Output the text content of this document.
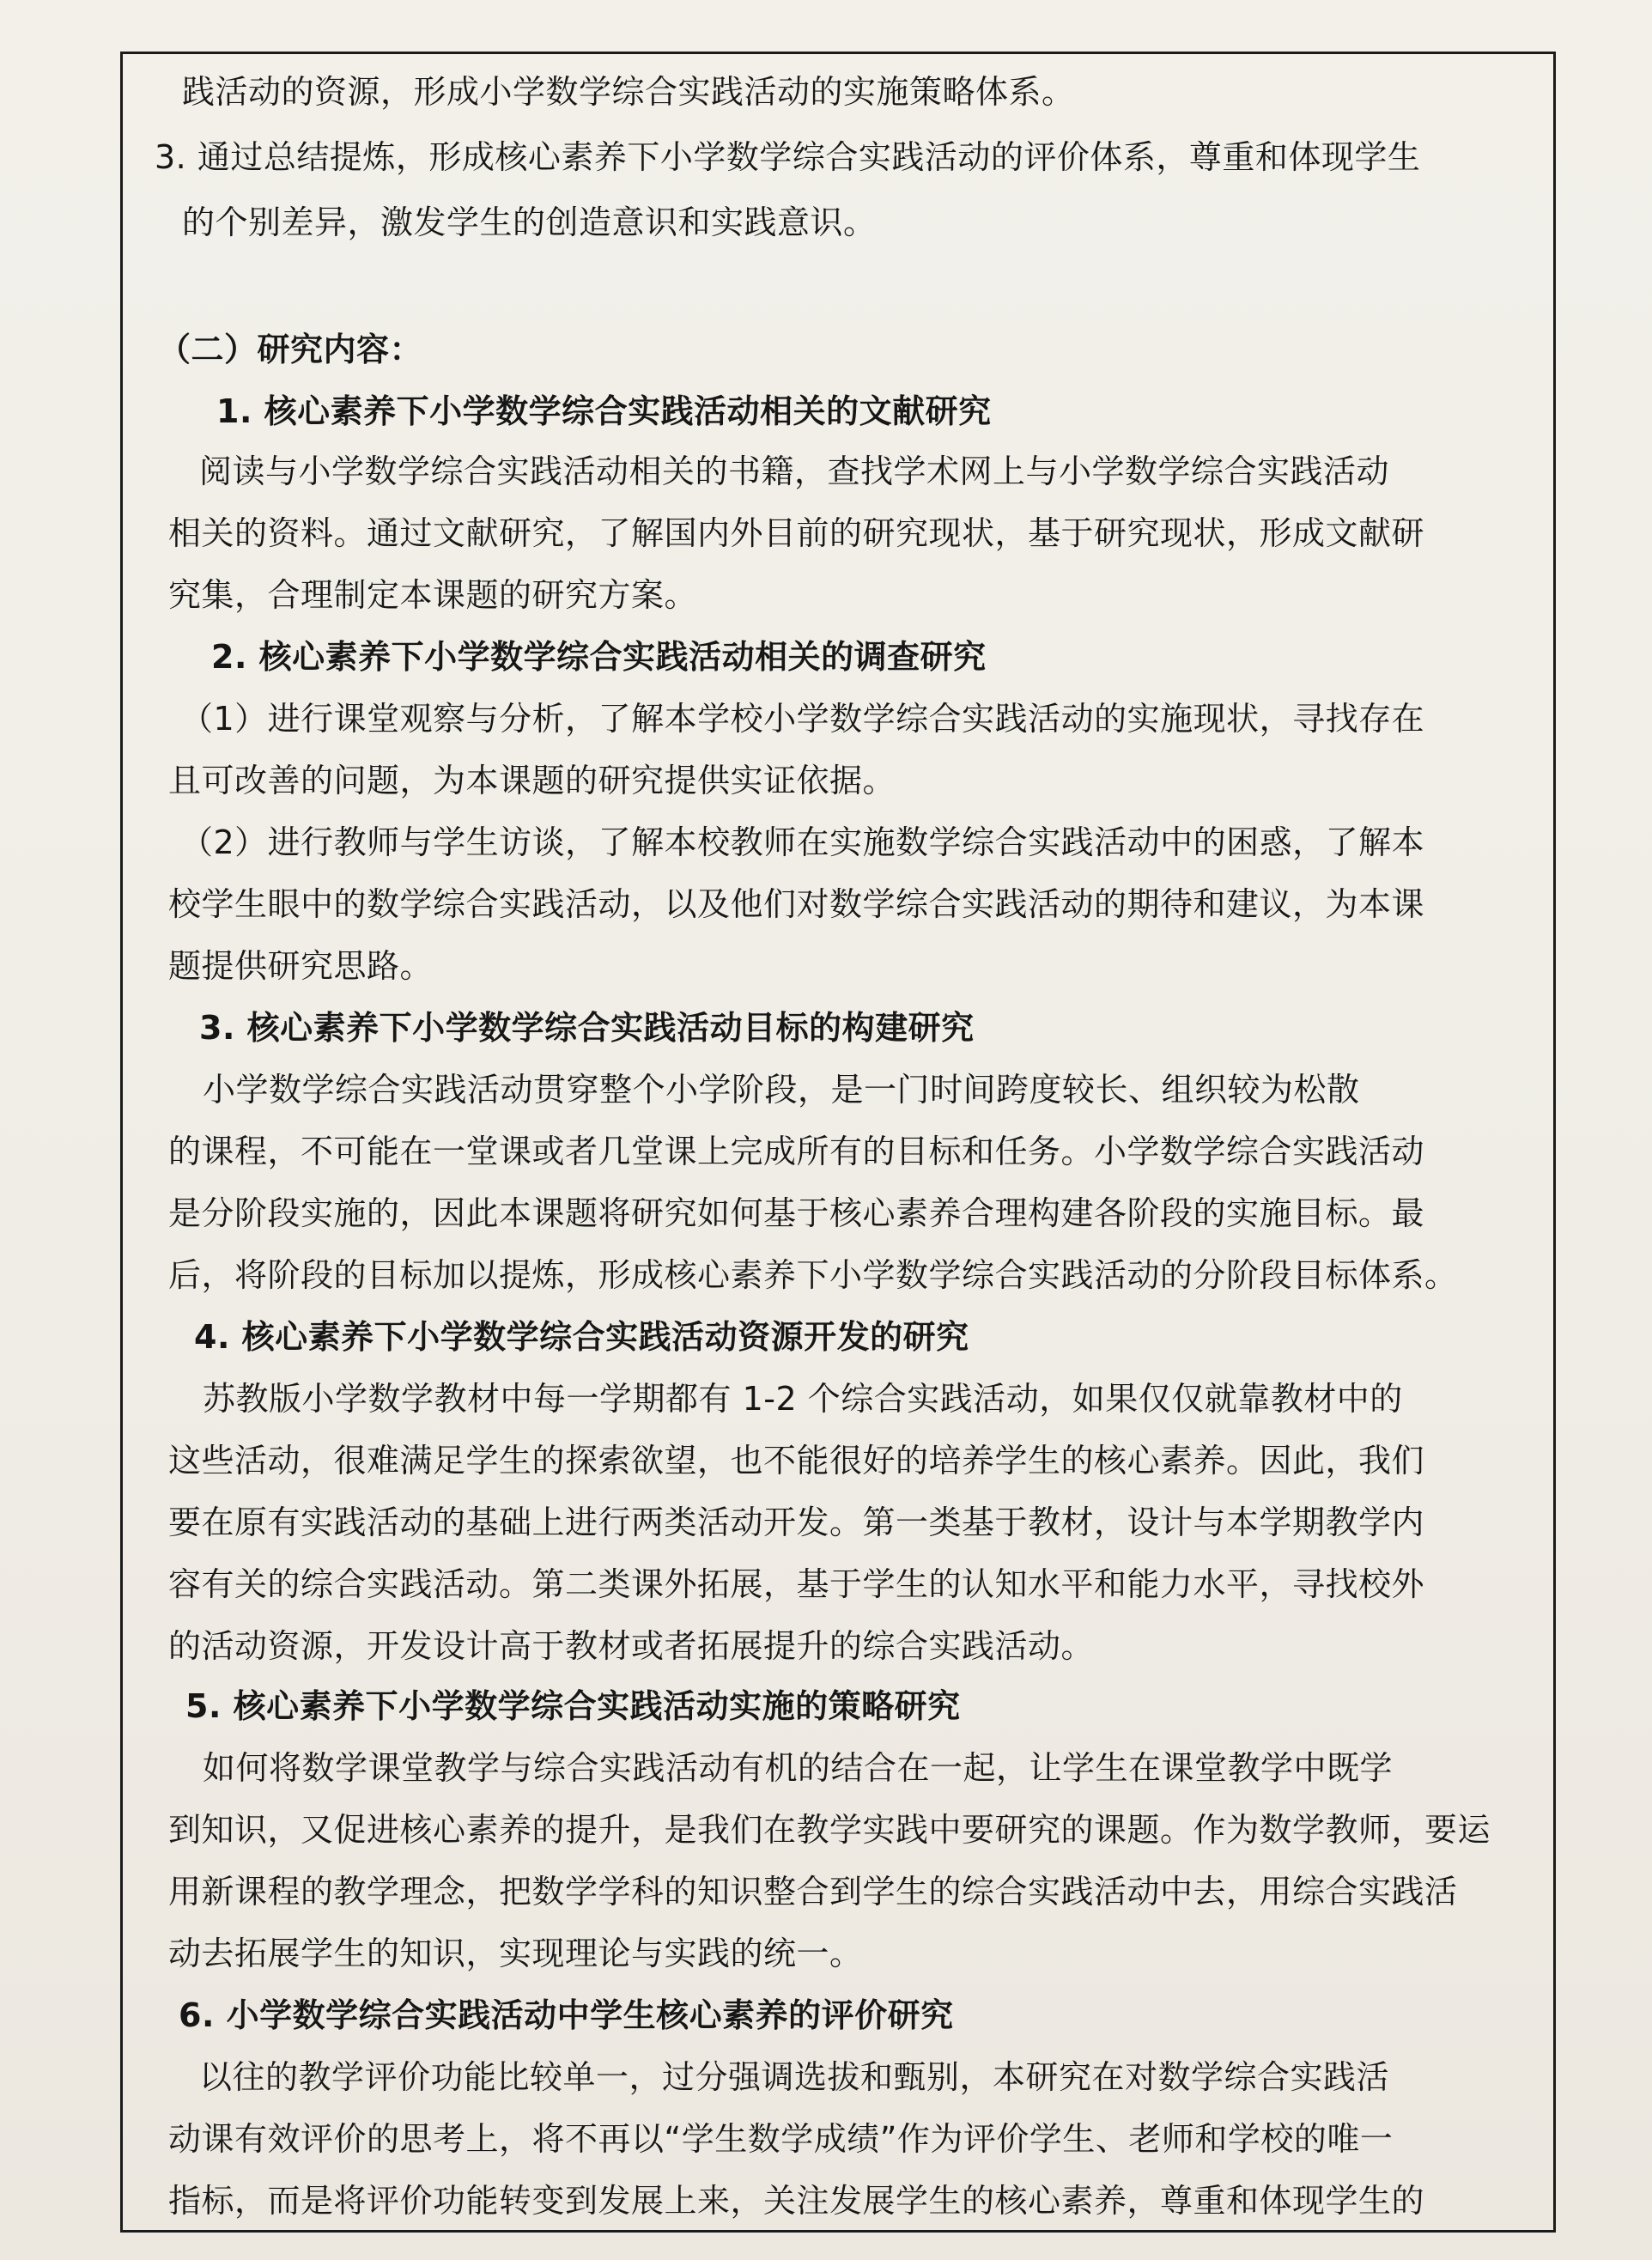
践活动的资源，形成小学数学综合实践活动的实施策略体系。
3. 通过总结提炼，形成核心素养下小学数学综合实践活动的评价体系，尊重和体现学生
的个别差异，激发学生的创造意识和实践意识。
（二）研究内容：
1. 核心素养下小学数学综合实践活动相关的文献研究
阅读与小学数学综合实践活动相关的书籍，查找学术网上与小学数学综合实践活动
相关的资料。通过文献研究，了解国内外目前的研究现状，基于研究现状，形成文献研
究集，合理制定本课题的研究方案。
2. 核心素养下小学数学综合实践活动相关的调查研究
（1）进行课堂观察与分析，了解本学校小学数学综合实践活动的实施现状，寻找存在
且可改善的问题，为本课题的研究提供实证依据。
（2）进行教师与学生访谈，了解本校教师在实施数学综合实践活动中的困惑，了解本
校学生眼中的数学综合实践活动，以及他们对数学综合实践活动的期待和建议，为本课
题提供研究思路。
3. 核心素养下小学数学综合实践活动目标的构建研究
小学数学综合实践活动贯穿整个小学阶段，是一门时间跨度较长、组织较为松散
的课程，不可能在一堂课或者几堂课上完成所有的目标和任务。小学数学综合实践活动
是分阶段实施的，因此本课题将研究如何基于核心素养合理构建各阶段的实施目标。最
后，将阶段的目标加以提炼，形成核心素养下小学数学综合实践活动的分阶段目标体系。
4. 核心素养下小学数学综合实践活动资源开发的研究
苏教版小学数学教材中每一学期都有 1-2 个综合实践活动，如果仅仅就靠教材中的
这些活动，很难满足学生的探索欲望，也不能很好的培养学生的核心素养。因此，我们
要在原有实践活动的基础上进行两类活动开发。第一类基于教材，设计与本学期教学内
容有关的综合实践活动。第二类课外拓展，基于学生的认知水平和能力水平，寻找校外
的活动资源，开发设计高于教材或者拓展提升的综合实践活动。
5. 核心素养下小学数学综合实践活动实施的策略研究
如何将数学课堂教学与综合实践活动有机的结合在一起，让学生在课堂教学中既学
到知识，又促进核心素养的提升，是我们在教学实践中要研究的课题。作为数学教师，要运
用新课程的教学理念，把数学学科的知识整合到学生的综合实践活动中去，用综合实践活
动去拓展学生的知识，实现理论与实践的统一。
6. 小学数学综合实践活动中学生核心素养的评价研究
以往的教学评价功能比较单一，过分强调选拔和甄别，本研究在对数学综合实践活
动课有效评价的思考上，将不再以“学生数学成绩”作为评价学生、老师和学校的唯一
指标，而是将评价功能转变到发展上来，关注发展学生的核心素养，尊重和体现学生的
